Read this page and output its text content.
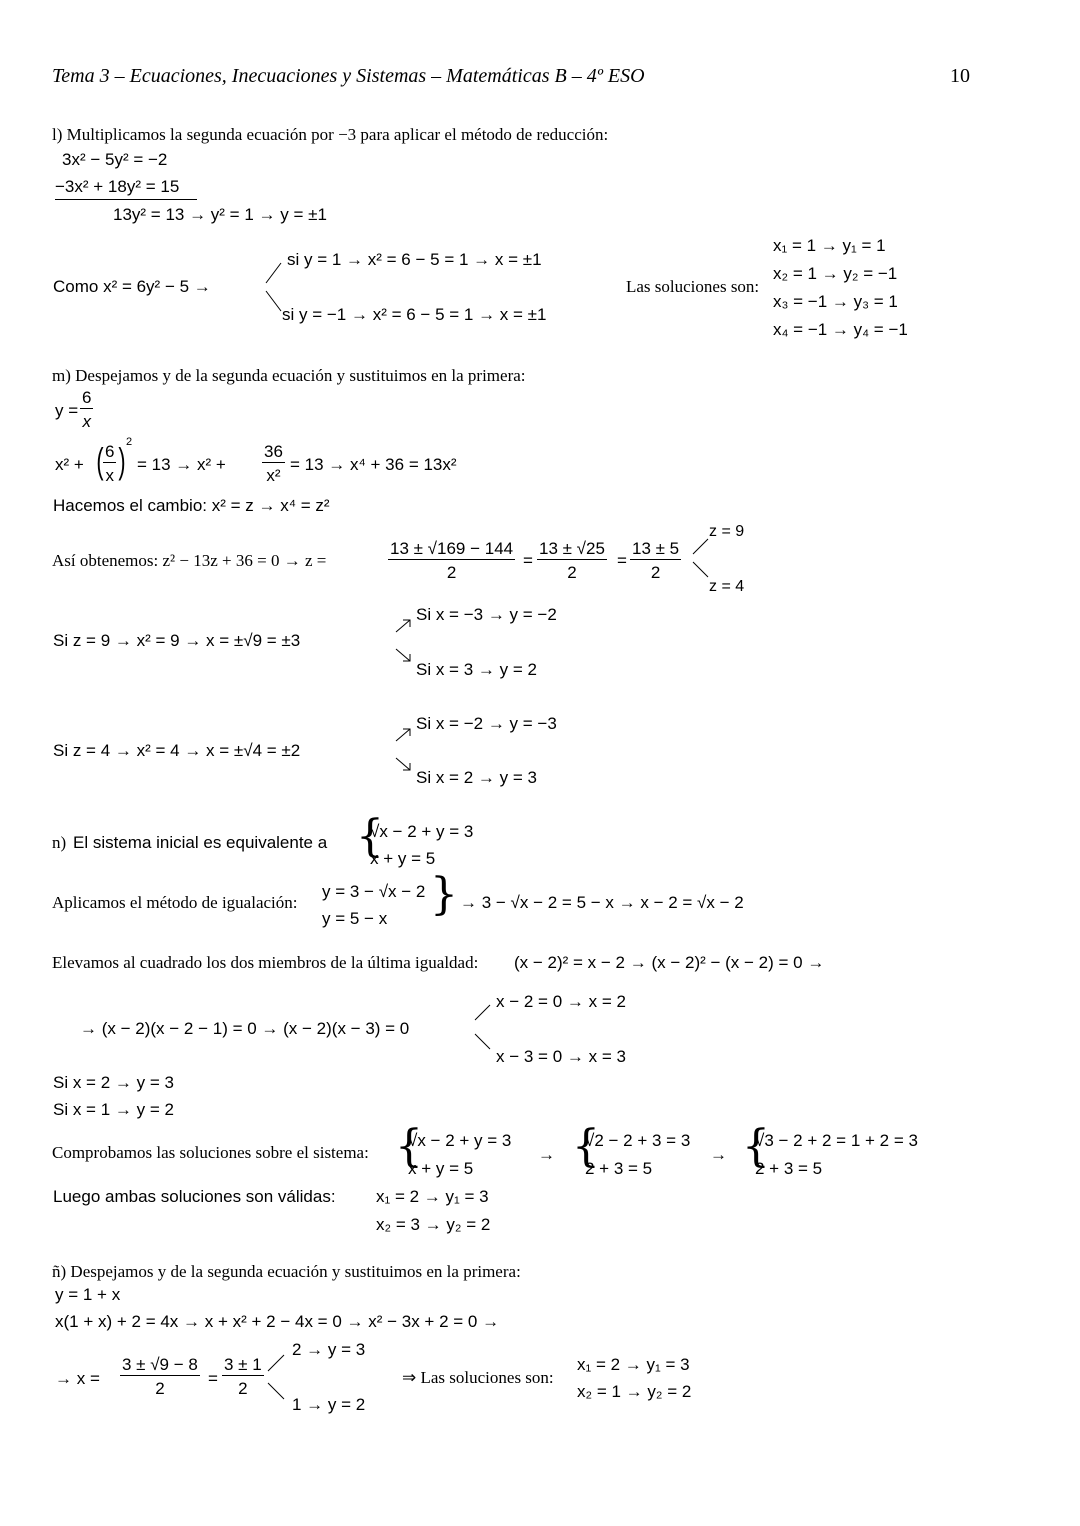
Tema 3 – Ecuaciones, Inecuaciones y Sistemas – Matemáticas B – 4º ESO	10
l) Multiplicamos la segunda ecuación por −3 para aplicar el método de reducción:
3x² − 5y² = −2
−3x² + 18y² = 15
13y² = 13 → y² = 1 → y = ±1
Como x² = 6y² − 5 →
si y = 1 → x² = 6 − 5 = 1 → x = ±1
si y = −1 → x² = 6 − 5 = 1 → x = ±1
Las soluciones son:
x₁ = 1 → y₁ = 1
x₂ = 1 → y₂ = −1
x₃ = −1 → y₃ = 1
x₄ = −1 → y₄ = −1
m) Despejamos y de la segunda ecuación y sustituimos en la primera:
$y = \frac{6}{x}$
x² + ( $\frac{6}{x}$ ) 2
= $13 \to x^2 + \frac{36}{\text{x²}} = 13 \to x^4 + 36 = 13x^2$
Hacemos el cambio: x² = z → x⁴ = z²
Así obtenemos: z² − 13z + 36 = 0 → z =	$\frac{13 \pm √169 - 144}{2} = \frac{13 \pm √25}{2} = \frac{13 \pm 5}{2}$
z = 9
z = 4
Si z = 9 → x² = 9 → x = ±√9 = ±3
Si x = −3 → y = −2
Si x = 3 → y = 2
Si z = 4 → x² = 4 → x = ±√4 = ±2
Si x = −2 → y = −3
Si x = 2 → y = 3
n) El sistema inicial es equivalente a {
√x − 2 + y = 3
x + y = 5
Aplicamos el método de igualación:
y = 3 − √x − 2
y = 5 − x } → 3 − √x − 2 = 5 − x → x − 2 = √x − 2
Elevamos al cuadrado los dos miembros de la última igualdad: (x − 2)² = x − 2 → (x − 2)² − (x − 2) = 0 →
→ (x − 2)(x − 2 − 1) = 0 → (x − 2)(x − 3) = 0
x − 2 = 0 → x = 2
x − 3 = 0 → x = 3
Si x = 2 → y = 3
Si x = 1 → y = 2
Comprobamos las soluciones sobre el sistema: {
√x − 2 + y = 3
x + y = 5
→ {
√2 − 2 + 3 = 3
2 + 3 = 5
→ {
√3 − 2 + 2 = 1 + 2 = 3
2 + 3 = 5
Luego ambas soluciones son válidas: x₁ = 2 → y₁ = 3
x₂ = 3 → y₂ = 2
ñ) Despejamos y de la segunda ecuación y sustituimos en la primera:
y = 1 + x
x(1 + x) + 2 = 4x → x + x² + 2 − 4x = 0 → x² − 3x + 2 = 0 →
→ $x = \frac{3 \pm √9 - 8}{2} = \frac{3 \pm 1}{2}$
2 → y = 3
1 → y = 2
⇒ Las soluciones son:
x₁ = 2 → y₁ = 3
x₂ = 1 → y₂ = 2
